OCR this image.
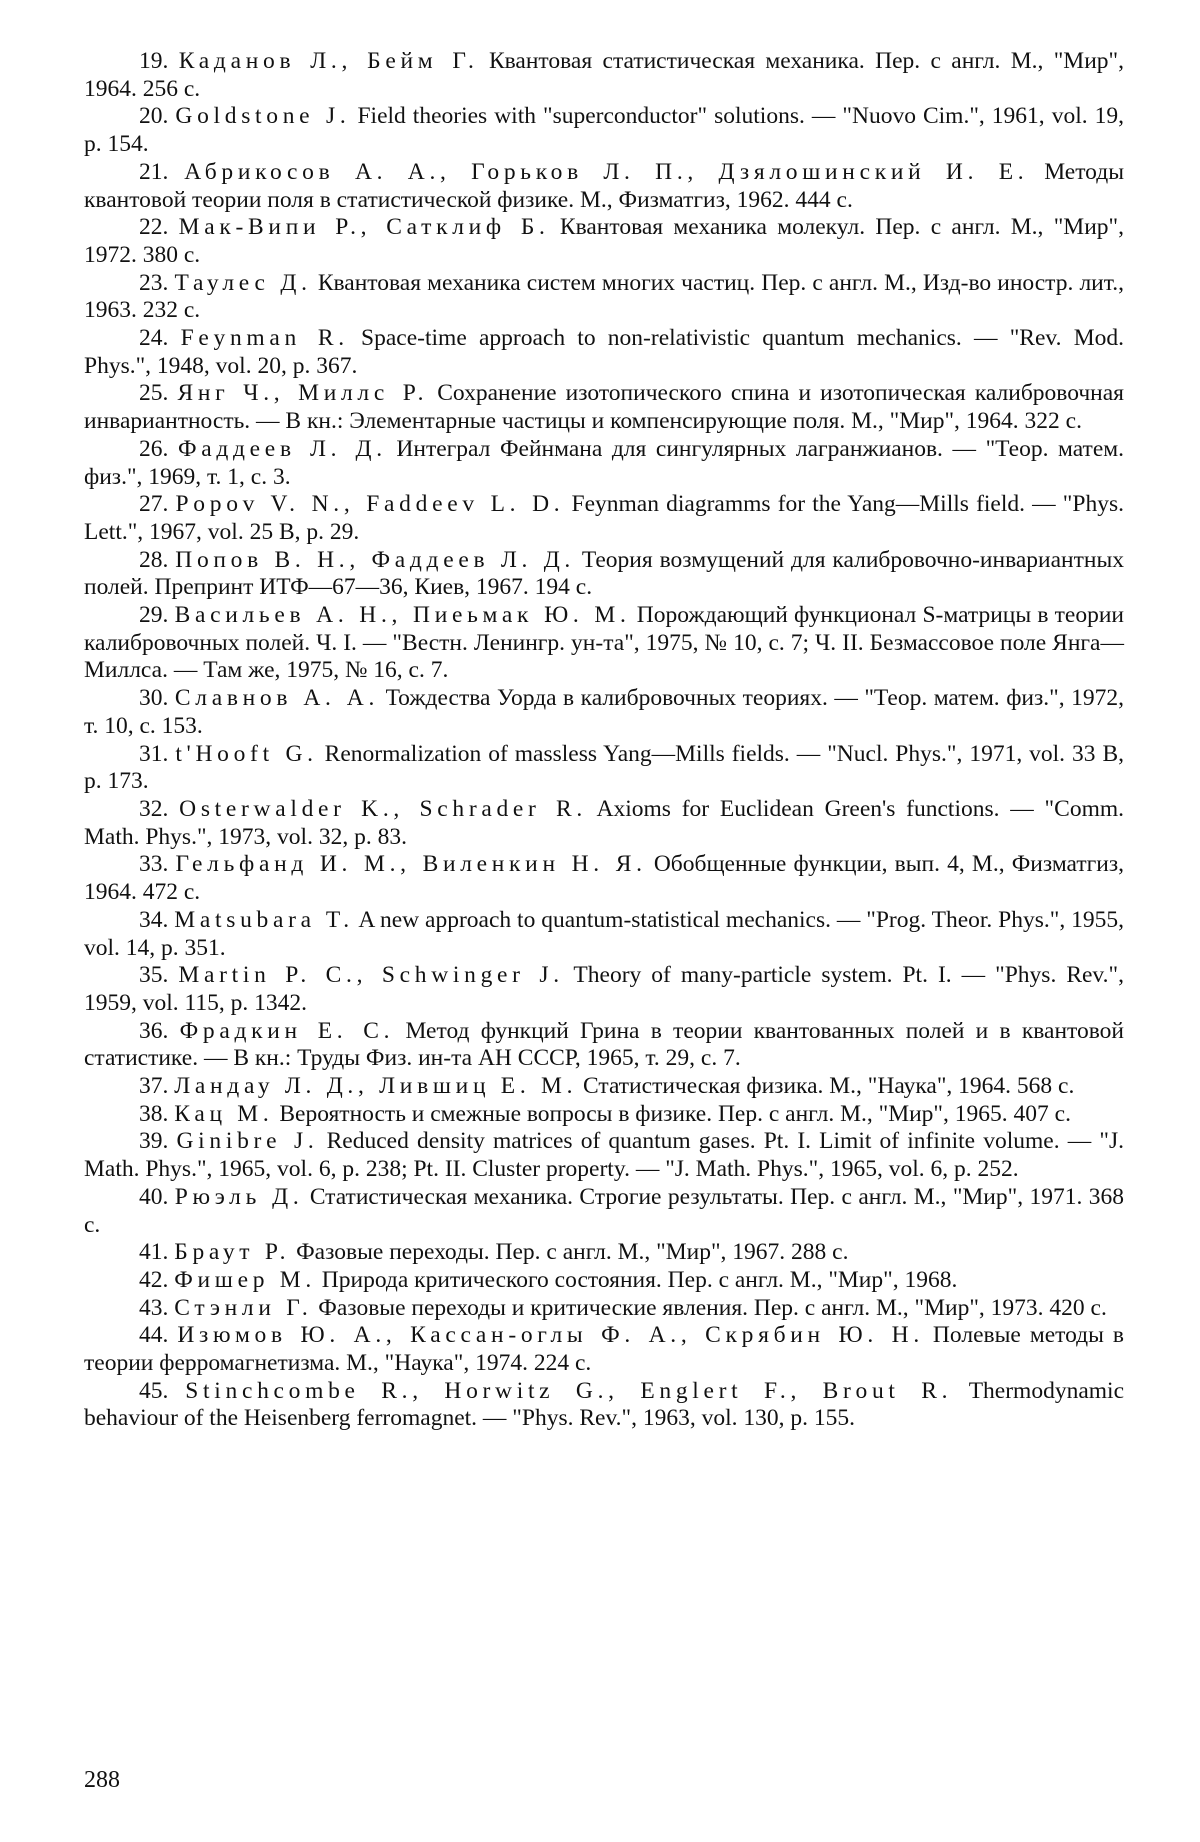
19. Каданов Л., Бейм Г. Квантовая статистическая механика. Пер. с англ. М., "Мир", 1964. 256 с.
20. Goldstone J. Field theories with "superconductor" solutions. — "Nuovo Cim.", 1961, vol. 19, p. 154.
21. Абрикосов А. А., Горьков Л. П., Дзялошинский И. Е. Методы квантовой теории поля в статистической физике. М., Физматгиз, 1962. 444 с.
22. Мак-Випи Р., Сатклиф Б. Квантовая механика молекул. Пер. с англ. М., "Мир", 1972. 380 с.
23. Таулес Д. Квантовая механика систем многих частиц. Пер. с англ. М., Изд-во иностр. лит., 1963. 232 с.
24. Feynman R. Space-time approach to non-relativistic quantum mechanics. — "Rev. Mod. Phys.", 1948, vol. 20, p. 367.
25. Янг Ч., Миллс Р. Сохранение изотопического спина и изотопическая калибровочная инвариантность. — В кн.: Элементарные частицы и компенсирующие поля. М., "Мир", 1964. 322 с.
26. Фаддеев Л. Д. Интеграл Фейнмана для сингулярных лагранжианов. — "Теор. матем. физ.", 1969, т. 1, с. 3.
27. Popov V. N., Faddeev L. D. Feynman diagramms for the Yang—Mills field. — "Phys. Lett.", 1967, vol. 25 B, p. 29.
28. Попов В. Н., Фаддеев Л. Д. Теория возмущений для калибровочно-инвариантных полей. Препринт ИТФ—67—36, Киев, 1967. 194 с.
29. Васильев А. Н., Пиеьмак Ю. М. Порождающий функционал S-матрицы в теории калибровочных полей. Ч. I. — "Вестн. Ленингр. ун-та", 1975, № 10, с. 7; Ч. II. Безмассовое поле Янга—Миллса. — Там же, 1975, № 16, с. 7.
30. Славнов А. А. Тождества Уорда в калибровочных теориях. — "Теор. матем. физ.", 1972, т. 10, с. 153.
31. t'Hooft G. Renormalization of massless Yang—Mills fields. — "Nucl. Phys.", 1971, vol. 33 B, p. 173.
32. Osterwalder K., Schrader R. Axioms for Euclidean Green's functions. — "Comm. Math. Phys.", 1973, vol. 32, p. 83.
33. Гельфанд И. М., Виленкин Н. Я. Обобщенные функции, вып. 4, М., Физматгиз, 1964. 472 с.
34. Matsubara T. A new approach to quantum-statistical mechanics. — "Prog. Theor. Phys.", 1955, vol. 14, p. 351.
35. Martin P. C., Schwinger J. Theory of many-particle system. Pt. I. — "Phys. Rev.", 1959, vol. 115, p. 1342.
36. Фрадкин Е. С. Метод функций Грина в теории квантованных полей и в квантовой статистике. — В кн.: Труды Физ. ин-та АН СССР, 1965, т. 29, с. 7.
37. Ландау Л. Д., Лившиц Е. М. Статистическая физика. М., "Наука", 1964. 568 с.
38. Кац М. Вероятность и смежные вопросы в физике. Пер. с англ. М., "Мир", 1965. 407 с.
39. Ginibre J. Reduced density matrices of quantum gases. Pt. I. Limit of infinite volume. — "J. Math. Phys.", 1965, vol. 6, p. 238; Pt. II. Cluster property. — "J. Math. Phys.", 1965, vol. 6, p. 252.
40. Рюэль Д. Статистическая механика. Строгие результаты. Пер. с англ. М., "Мир", 1971. 368 с.
41. Браут Р. Фазовые переходы. Пер. с англ. М., "Мир", 1967. 288 с.
42. Фишер М. Природа критического состояния. Пер. с англ. М., "Мир", 1968.
43. Стэнли Г. Фазовые переходы и критические явления. Пер. с англ. М., "Мир", 1973. 420 с.
44. Изюмов Ю. А., Кассан-оглы Ф. А., Скрябин Ю. Н. Полевые методы в теории ферромагнетизма. М., "Наука", 1974. 224 с.
45. Stinchcombe R., Horwitz G., Englert F., Brout R. Thermodynamic behaviour of the Heisenberg ferromagnet. — "Phys. Rev.", 1963, vol. 130, p. 155.
288
